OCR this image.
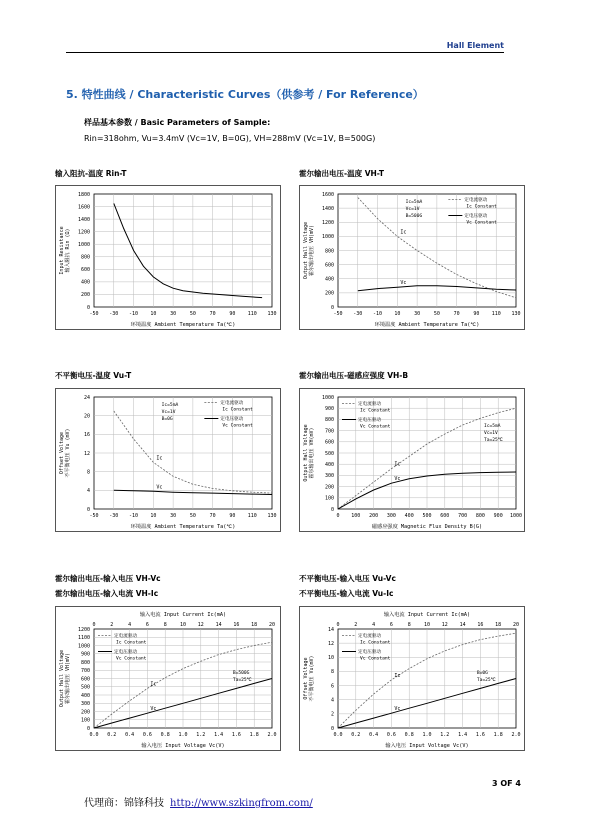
Hall Element
5. 特性曲线 / Characteristic Curves（供参考 / For Reference）
样品基本参数 / Basic Parameters of Sample:
Rin=318ohm, Vu=3.4mV (Vc=1V, B=0G), VH=288mV (Vc=1V, B=500G)
输入阻抗-温度 Rin-T	霍尔输出电压-温度 VH-T
不平衡电压-温度 Vu-T	霍尔输出电压-磁感应强度 VH-B
霍尔输出电压-输入电压 VH-Vc
霍尔输出电压-输入电流 VH-Ic
不平衡电压-输入电压 Vu-Vc
不平衡电压-输入电流 Vu-Ic
-50 -30 -10 10	30	50	70	90 110 130
0
200
400
600
800
1000
1200
1400
1600
1800
环境温度 Ambient Temperature Ta(℃)
Input Resistance 输入阻抗 Rin (Ω)
-50 -30 -10 10	30	50	70	90 110 130
0
200
400
600
800
1000
1200
1400
1600
环境温度 Ambient Temperature Ta(℃)
Output Hall Voltage 霍尔输出电压 VH(mV)	Ic
Vc
Ic=5mA
Vc=1V
B=500G
定电流驱动
Ic Constant
定电压驱动
Vc Constant
-50 -30 -10 10	30	50	70	90 110 130
0
4
8
12
16
20
24
环境温度 Ambient Temperature Ta(℃)
Offset Voltage 不平衡电压 Vu (mV)	Ic
Vc
Ic=5mA
Vc=1V
B=0G
定电流驱动
Ic Constant
定电压驱动
Vc Constant
0 100 200 300 400 500 600 700 800 900 1000
0
100
200
300
400
500
600
700
800
900
1000
磁感应强度 Magnetic Flux Density B(G)
Output Hall Voltage 霍尔输出电压 VH(mV)	Ic
Vc
Ic=5mA
Vc=1V
Ta=25℃
定电流驱动
Ic Constant
定电压驱动
Vc Constant
0.0 0.2 0.4 0.6 0.8 1.0 1.2 1.4 1.6 1.8 2.0
0
100
200
300
400
500
600
700
800
900
1000
1100
1200
0	2	4	6	8	10 12 14 16 18 20
输入电流 Input Current Ic(mA)
输入电压 Input Voltage Vc(V)
Output Hall Voltage 霍尔输出电压 VH(mV)	Ic
Vc
B=500G
Ta=25℃
定电流驱动
Ic Constant
定电压驱动
Vc Constant
0.0 0.2 0.4 0.6 0.8 1.0 1.2 1.4 1.6 1.8 2.0
0
2
4
6
8
10
12
14
0	2	4	6	8	10 12 14 16 18 20
输入电流 Input Current Ic(mA)
输入电压 Input Voltage Vc(V)
Offset Voltage 不平衡电压 Vu(mV)	Ic
Vc
B=0G
Ta=25℃
定电流驱动
Ic Constant
定电压驱动
Vc Constant
3 OF 4
代理商：锦锋科技 http://www.szkingfrom.com/
